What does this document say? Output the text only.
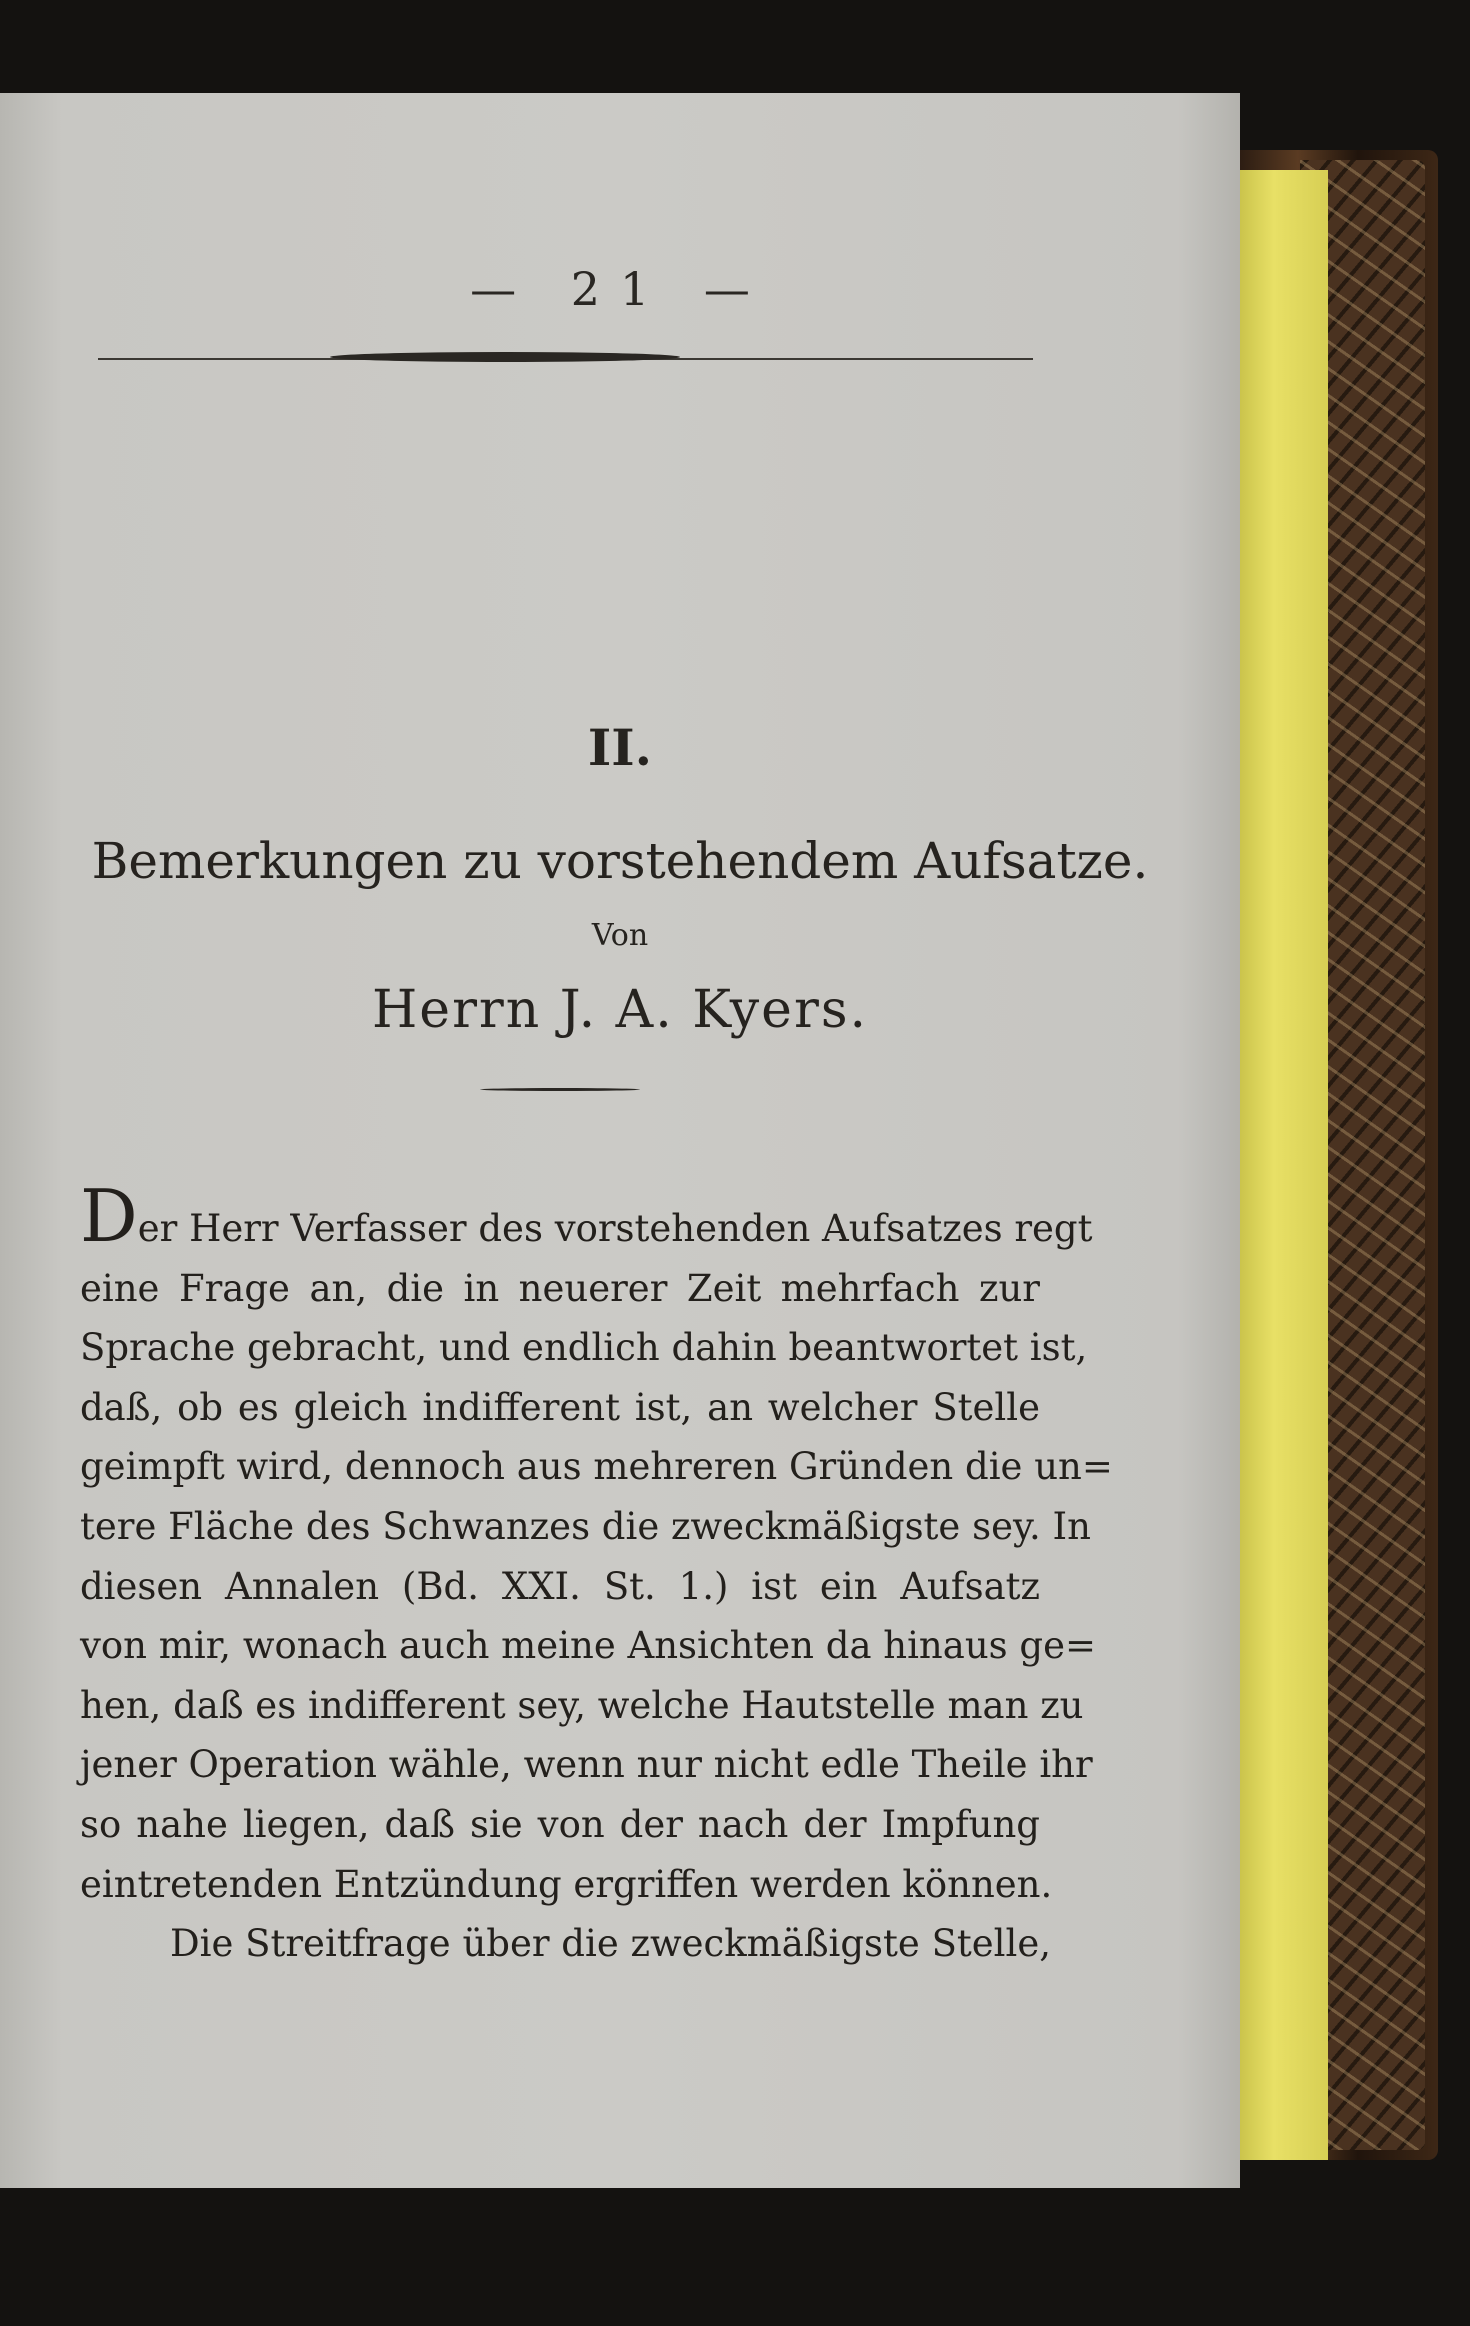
— 21 —
II.
Bemerkungen zu vorstehendem Aufsatze.
Von
Herrn J. A. Kyers.
Der Herr Verfasser des vorstehenden Aufsatzes regt
eine Frage an, die in neuerer Zeit mehrfach zur
Sprache gebracht, und endlich dahin beantwortet ist,
daß, ob es gleich indifferent ist, an welcher Stelle
geimpft wird, dennoch aus mehreren Gründen die un=
tere Fläche des Schwanzes die zweckmäßigste sey. In
diesen Annalen (Bd. XXI. St. 1.) ist ein Aufsatz
von mir, wonach auch meine Ansichten da hinaus ge=
hen, daß es indifferent sey, welche Hautstelle man zu
jener Operation wähle, wenn nur nicht edle Theile ihr
so nahe liegen, daß sie von der nach der Impfung
eintretenden Entzündung ergriffen werden können.
Die Streitfrage über die zweckmäßigste Stelle,
